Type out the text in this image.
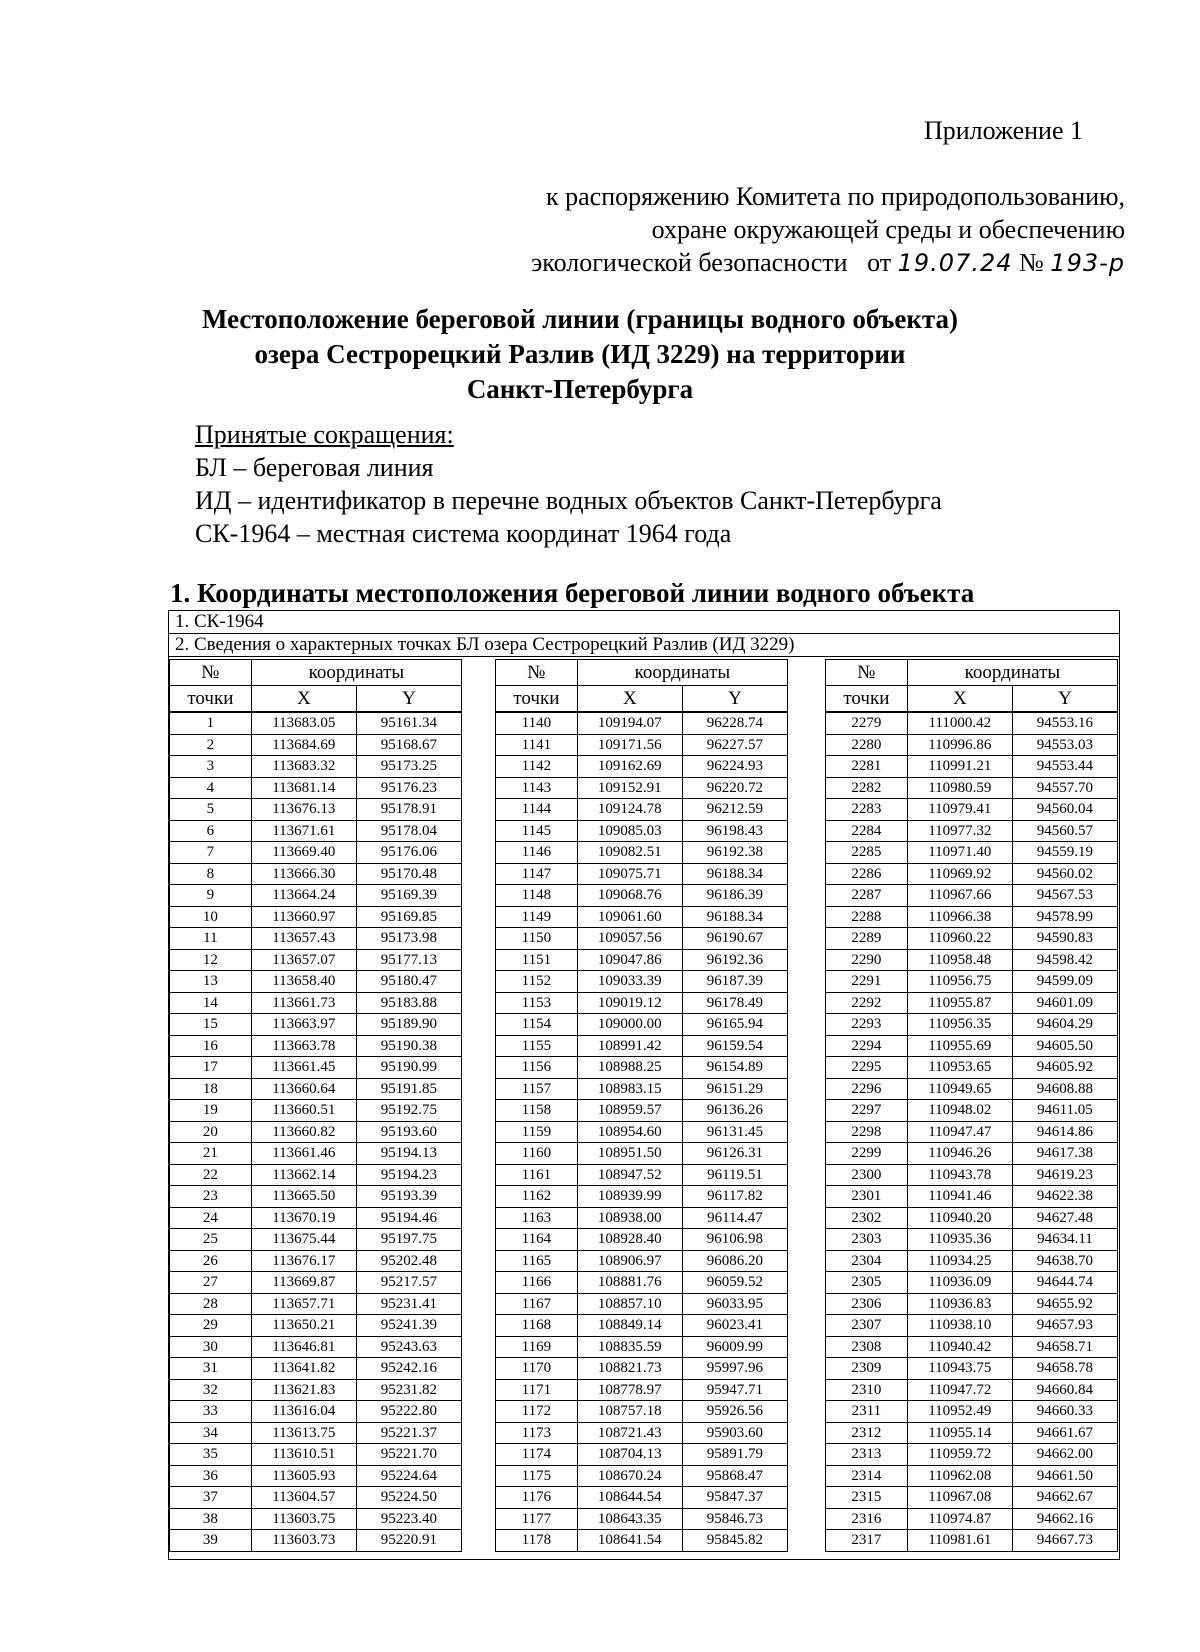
Приложение 1
к распоряжению Комитета по природопользованию,
охране окружающей среды и обеспечению
экологической безопасности от 19.07.24 № 193-р
Местоположение береговой линии (границы водного объекта)
озера Сестрорецкий Разлив (ИД 3229) на территории
Санкт-Петербурга
Принятые сокращения:
БЛ – береговая линия
ИД – идентификатор в перечне водных объектов Санкт-Петербурга
СК-1964 – местная система координат 1964 года
1. Координаты местоположения береговой линии водного объекта
1. СК-1964
2. Сведения о характерных точках БЛ озера Сестрорецкий Разлив (ИД 3229)
№	координаты	
точки	X	Y
1	113683.05	95161.34
2	113684.69	95168.67
3	113683.32	95173.25
4	113681.14	95176.23
5	113676.13	95178.91
6	113671.61	95178.04
7	113669.40	95176.06
8	113666.30	95170.48
9	113664.24	95169.39
10	113660.97	95169.85
11	113657.43	95173.98
12	113657.07	95177.13
13	113658.40	95180.47
14	113661.73	95183.88
15	113663.97	95189.90
16	113663.78	95190.38
17	113661.45	95190.99
18	113660.64	95191.85
19	113660.51	95192.75
20	113660.82	95193.60
21	113661.46	95194.13
22	113662.14	95194.23
23	113665.50	95193.39
24	113670.19	95194.46
25	113675.44	95197.75
26	113676.17	95202.48
27	113669.87	95217.57
28	113657.71	95231.41
29	113650.21	95241.39
30	113646.81	95243.63
31	113641.82	95242.16
32	113621.83	95231.82
33	113616.04	95222.80
34	113613.75	95221.37
35	113610.51	95221.70
36	113605.93	95224.64
37	113604.57	95224.50
38	113603.75	95223.40
39	113603.73	95220.91
№	координаты	
точки	X	Y
1140	109194.07	96228.74
1141	109171.56	96227.57
1142	109162.69	96224.93
1143	109152.91	96220.72
1144	109124.78	96212.59
1145	109085.03	96198.43
1146	109082.51	96192.38
1147	109075.71	96188.34
1148	109068.76	96186.39
1149	109061.60	96188.34
1150	109057.56	96190.67
1151	109047.86	96192.36
1152	109033.39	96187.39
1153	109019.12	96178.49
1154	109000.00	96165.94
1155	108991.42	96159.54
1156	108988.25	96154.89
1157	108983.15	96151.29
1158	108959.57	96136.26
1159	108954.60	96131.45
1160	108951.50	96126.31
1161	108947.52	96119.51
1162	108939.99	96117.82
1163	108938.00	96114.47
1164	108928.40	96106.98
1165	108906.97	96086.20
1166	108881.76	96059.52
1167	108857.10	96033.95
1168	108849.14	96023.41
1169	108835.59	96009.99
1170	108821.73	95997.96
1171	108778.97	95947.71
1172	108757.18	95926.56
1173	108721.43	95903.60
1174	108704.13	95891.79
1175	108670.24	95868.47
1176	108644.54	95847.37
1177	108643.35	95846.73
1178	108641.54	95845.82
№	координаты	
точки	X	Y
2279	111000.42	94553.16
2280	110996.86	94553.03
2281	110991.21	94553.44
2282	110980.59	94557.70
2283	110979.41	94560.04
2284	110977.32	94560.57
2285	110971.40	94559.19
2286	110969.92	94560.02
2287	110967.66	94567.53
2288	110966.38	94578.99
2289	110960.22	94590.83
2290	110958.48	94598.42
2291	110956.75	94599.09
2292	110955.87	94601.09
2293	110956.35	94604.29
2294	110955.69	94605.50
2295	110953.65	94605.92
2296	110949.65	94608.88
2297	110948.02	94611.05
2298	110947.47	94614.86
2299	110946.26	94617.38
2300	110943.78	94619.23
2301	110941.46	94622.38
2302	110940.20	94627.48
2303	110935.36	94634.11
2304	110934.25	94638.70
2305	110936.09	94644.74
2306	110936.83	94655.92
2307	110938.10	94657.93
2308	110940.42	94658.71
2309	110943.75	94658.78
2310	110947.72	94660.84
2311	110952.49	94660.33
2312	110955.14	94661.67
2313	110959.72	94662.00
2314	110962.08	94661.50
2315	110967.08	94662.67
2316	110974.87	94662.16
2317	110981.61	94667.73
